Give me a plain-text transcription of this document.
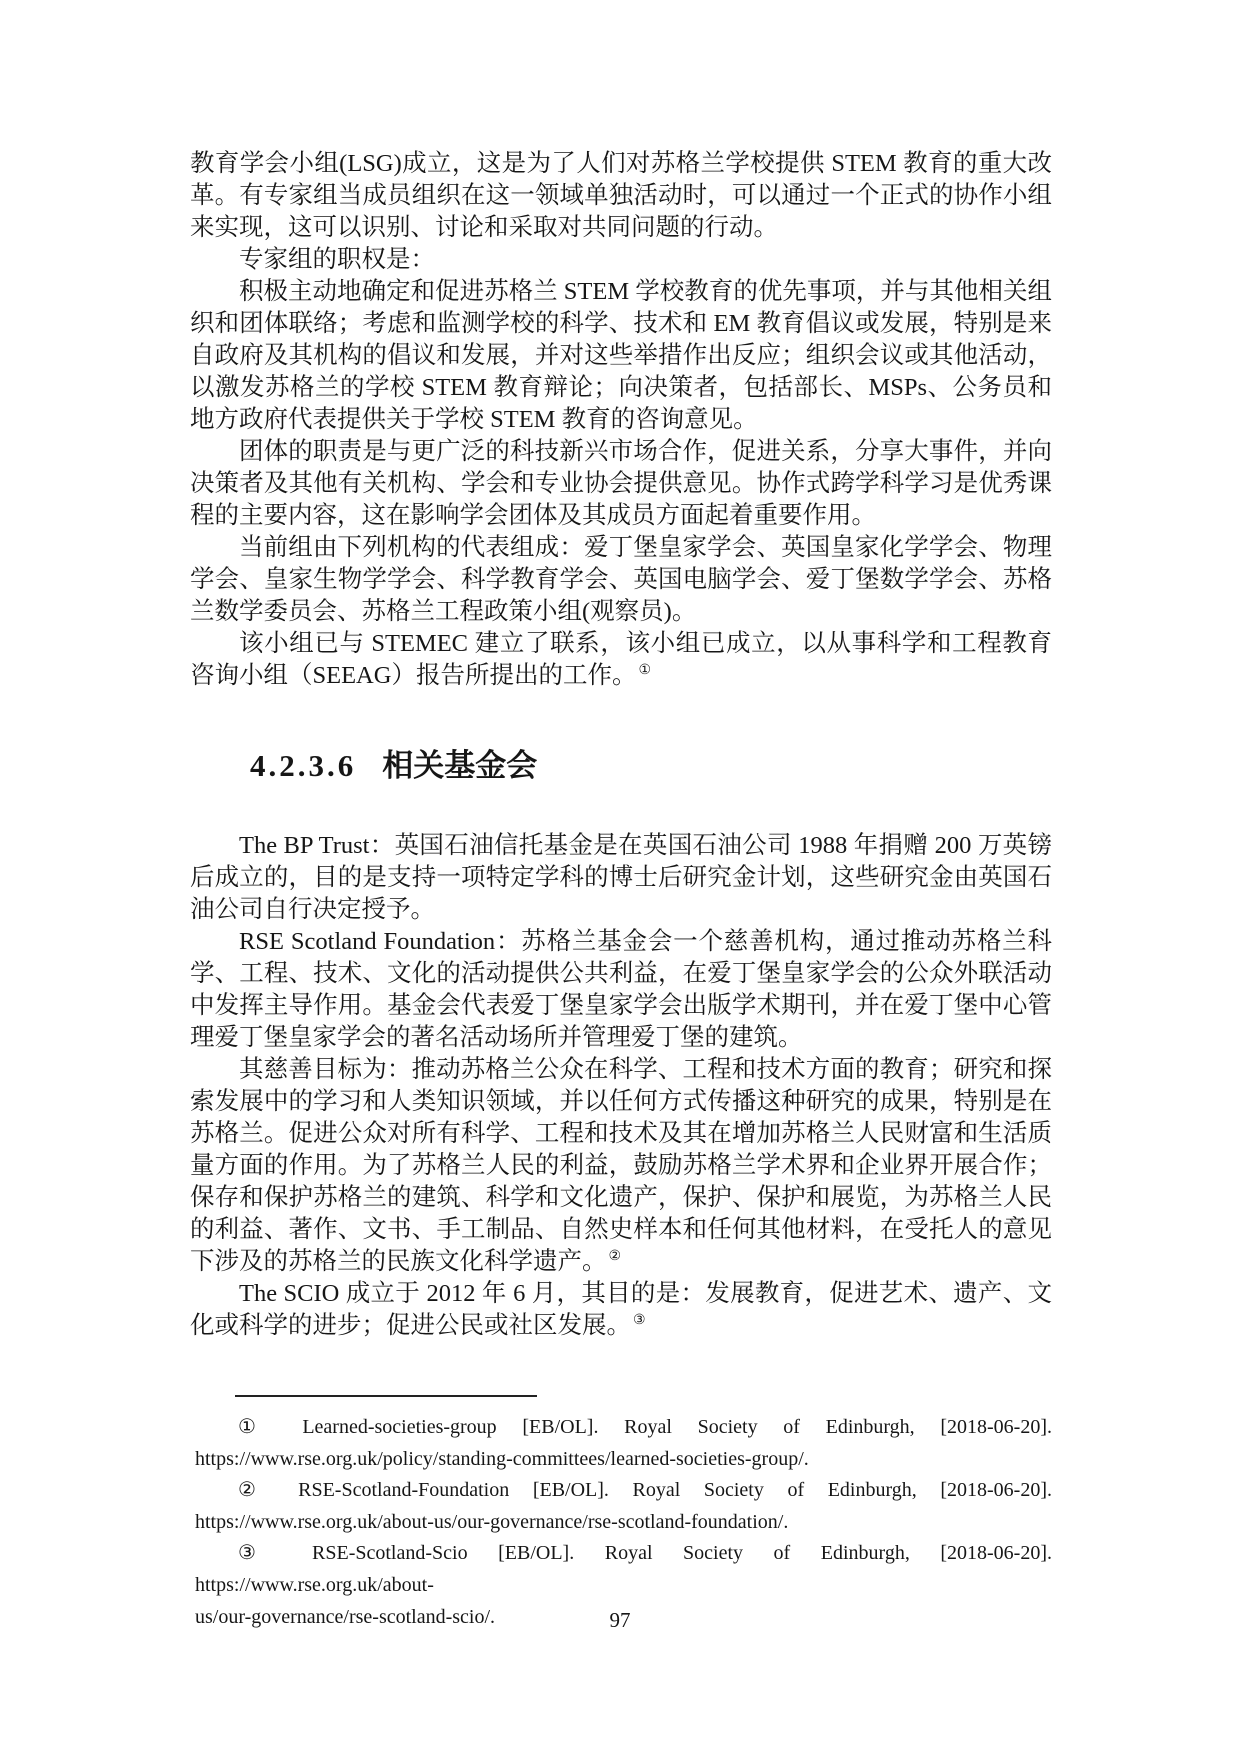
教育学会小组(LSG)成立，这是为了人们对苏格兰学校提供 STEM 教育的重大改革。有专家组当成员组织在这一领域单独活动时，可以通过一个正式的协作小组来实现，这可以识别、讨论和采取对共同问题的行动。

专家组的职权是：

积极主动地确定和促进苏格兰 STEM 学校教育的优先事项，并与其他相关组织和团体联络；考虑和监测学校的科学、技术和 EM 教育倡议或发展，特别是来自政府及其机构的倡议和发展，并对这些举措作出反应；组织会议或其他活动，以激发苏格兰的学校 STEM 教育辩论；向决策者，包括部长、MSPs、公务员和地方政府代表提供关于学校 STEM 教育的咨询意见。

团体的职责是与更广泛的科技新兴市场合作，促进关系，分享大事件，并向决策者及其他有关机构、学会和专业协会提供意见。协作式跨学科学习是优秀课程的主要内容，这在影响学会团体及其成员方面起着重要作用。

当前组由下列机构的代表组成：爱丁堡皇家学会、英国皇家化学学会、物理学会、皇家生物学学会、科学教育学会、英国电脑学会、爱丁堡数学学会、苏格兰数学委员会、苏格兰工程政策小组(观察员)。

该小组已与 STEMEC 建立了联系，该小组已成立，以从事科学和工程教育咨询小组（SEEAG）报告所提出的工作。 ①

4.2.3.6 相关基金会

The BP Trust：英国石油信托基金是在英国石油公司 1988 年捐赠 200 万英镑后成立的，目的是支持一项特定学科的博士后研究金计划，这些研究金由英国石油公司自行决定授予。

RSE Scotland Foundation：苏格兰基金会一个慈善机构，通过推动苏格兰科学、工程、技术、文化的活动提供公共利益，在爱丁堡皇家学会的公众外联活动中发挥主导作用。基金会代表爱丁堡皇家学会出版学术期刊，并在爱丁堡中心管理爱丁堡皇家学会的著名活动场所并管理爱丁堡的建筑。

其慈善目标为：推动苏格兰公众在科学、工程和技术方面的教育；研究和探索发展中的学习和人类知识领域，并以任何方式传播这种研究的成果，特别是在苏格兰。促进公众对所有科学、工程和技术及其在增加苏格兰人民财富和生活质量方面的作用。为了苏格兰人民的利益，鼓励苏格兰学术界和企业界开展合作；保存和保护苏格兰的建筑、科学和文化遗产，保护、保护和展览，为苏格兰人民的利益、著作、文书、手工制品、自然史样本和任何其他材料，在受托人的意见下涉及的苏格兰的民族文化科学遗产。 ②

The SCIO 成立于 2012 年 6 月，其目的是：发展教育，促进艺术、遗产、文化或科学的进步；促进公民或社区发展。 ③

① Learned-societies-group [EB/OL]. Royal Society of Edinburgh, [2018-06-20].
https://www.rse.org.uk/policy/standing-committees/learned-societies-group/.
② RSE-Scotland-Foundation [EB/OL]. Royal Society of Edinburgh, [2018-06-20].
https://www.rse.org.uk/about-us/our-governance/rse-scotland-foundation/.
③ RSE-Scotland-Scio [EB/OL]. Royal Society of Edinburgh, [2018-06-20]. https://www.rse.org.uk/about-
us/our-governance/rse-scotland-scio/.	97
